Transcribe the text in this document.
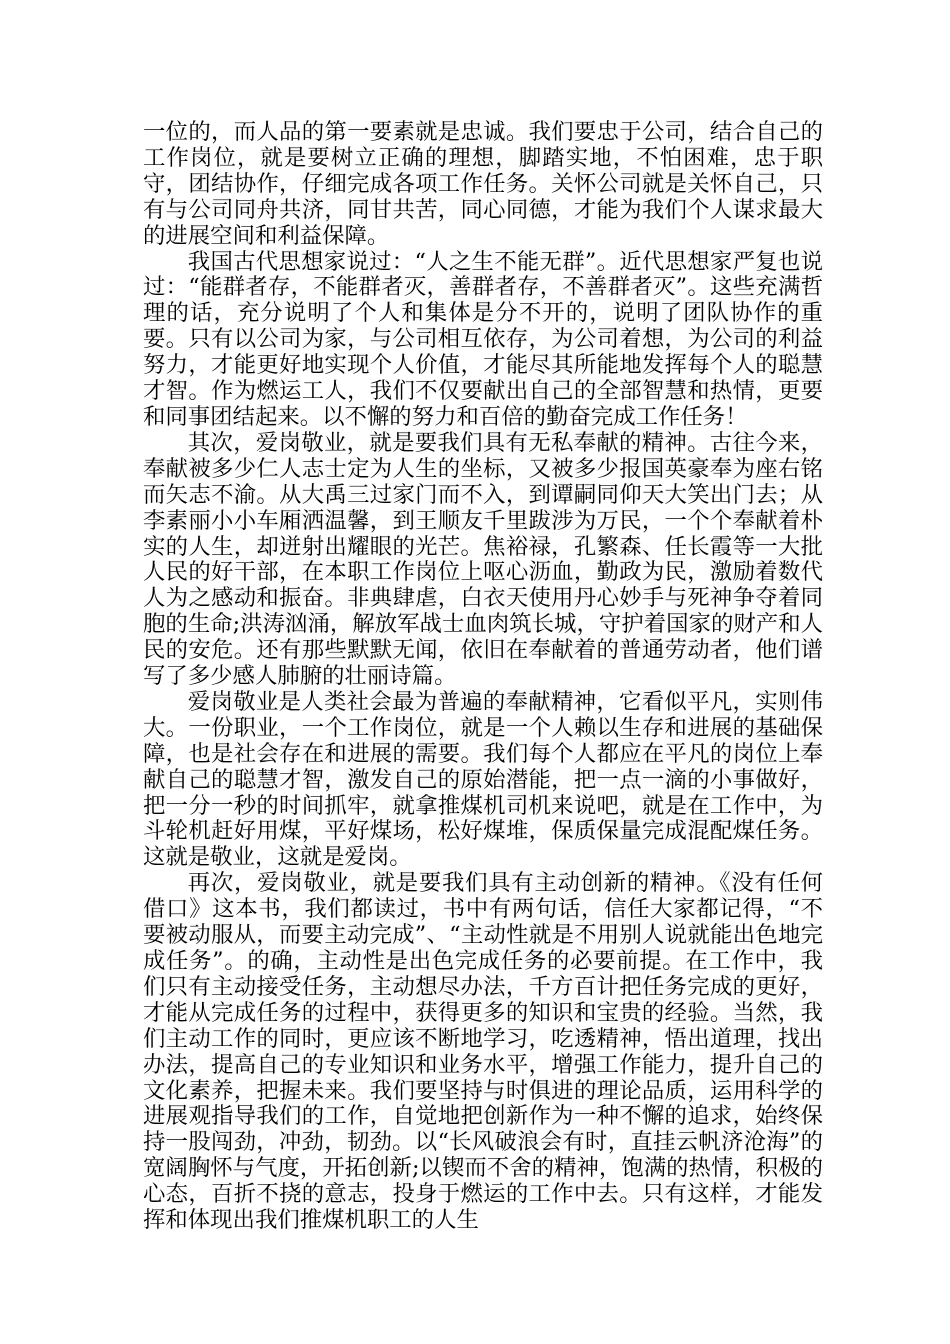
一位的，而人品的第一要素就是忠诚。我们要忠于公司，结合自己的工作岗位，就是要树立正确的理想，脚踏实地，不怕困难，忠于职守，团结协作，仔细完成各项工作任务。关怀公司就是关怀自己，只有与公司同舟共济，同甘共苦，同心同德，才能为我们个人谋求最大的进展空间和利益保障。

我国古代思想家说过：“人之生不能无群”。近代思想家严复也说过：“能群者存，不能群者灭，善群者存，不善群者灭”。这些充满哲理的话，充分说明了个人和集体是分不开的，说明了团队协作的重要。只有以公司为家，与公司相互依存，为公司着想，为公司的利益努力，才能更好地实现个人价值，才能尽其所能地发挥每个人的聪慧才智。作为燃运工人，我们不仅要献出自己的全部智慧和热情，更要和同事团结起来。以不懈的努力和百倍的勤奋完成工作任务！

其次，爱岗敬业，就是要我们具有无私奉献的精神。古往今来，奉献被多少仁人志士定为人生的坐标，又被多少报国英豪奉为座右铭而矢志不渝。从大禹三过家门而不入，到谭嗣同仰天大笑出门去；从李素丽小小车厢洒温馨，到王顺友千里跋涉为万民，一个个奉献着朴实的人生，却迸射出耀眼的光芒。焦裕禄，孔繁森、任长霞等一大批人民的好干部，在本职工作岗位上呕心沥血，勤政为民，激励着数代人为之感动和振奋。非典肆虐，白衣天使用丹心妙手与死神争夺着同胞的生命;洪涛汹涌，解放军战士血肉筑长城，守护着国家的财产和人民的安危。还有那些默默无闻，依旧在奉献着的普通劳动者，他们谱写了多少感人肺腑的壮丽诗篇。

爱岗敬业是人类社会最为普遍的奉献精神，它看似平凡，实则伟大。一份职业，一个工作岗位，就是一个人赖以生存和进展的基础保障，也是社会存在和进展的需要。我们每个人都应在平凡的岗位上奉献自己的聪慧才智，激发自己的原始潜能，把一点一滴的小事做好，把一分一秒的时间抓牢，就拿推煤机司机来说吧，就是在工作中，为斗轮机赶好用煤，平好煤场，松好煤堆，保质保量完成混配煤任务。这就是敬业，这就是爱岗。

再次，爱岗敬业，就是要我们具有主动创新的精神。《没有任何借口》这本书，我们都读过，书中有两句话，信任大家都记得，“不要被动服从，而要主动完成”、“主动性就是不用别人说就能出色地完成任务”。的确，主动性是出色完成任务的必要前提。在工作中，我们只有主动接受任务，主动想尽办法，千方百计把任务完成的更好，才能从完成任务的过程中，获得更多的知识和宝贵的经验。当然，我们主动工作的同时，更应该不断地学习，吃透精神，悟出道理，找出办法，提高自己的专业知识和业务水平，增强工作能力，提升自己的文化素养，把握未来。我们要坚持与时俱进的理论品质，运用科学的进展观指导我们的工作，自觉地把创新作为一种不懈的追求，始终保持一股闯劲，冲劲，韧劲。以“长风破浪会有时，直挂云帆济沧海”的宽阔胸怀与气度，开拓创新;以锲而不舍的精神，饱满的热情，积极的心态，百折不挠的意志，投身于燃运的工作中去。只有这样，才能发挥和体现出我们推煤机职工的人生
